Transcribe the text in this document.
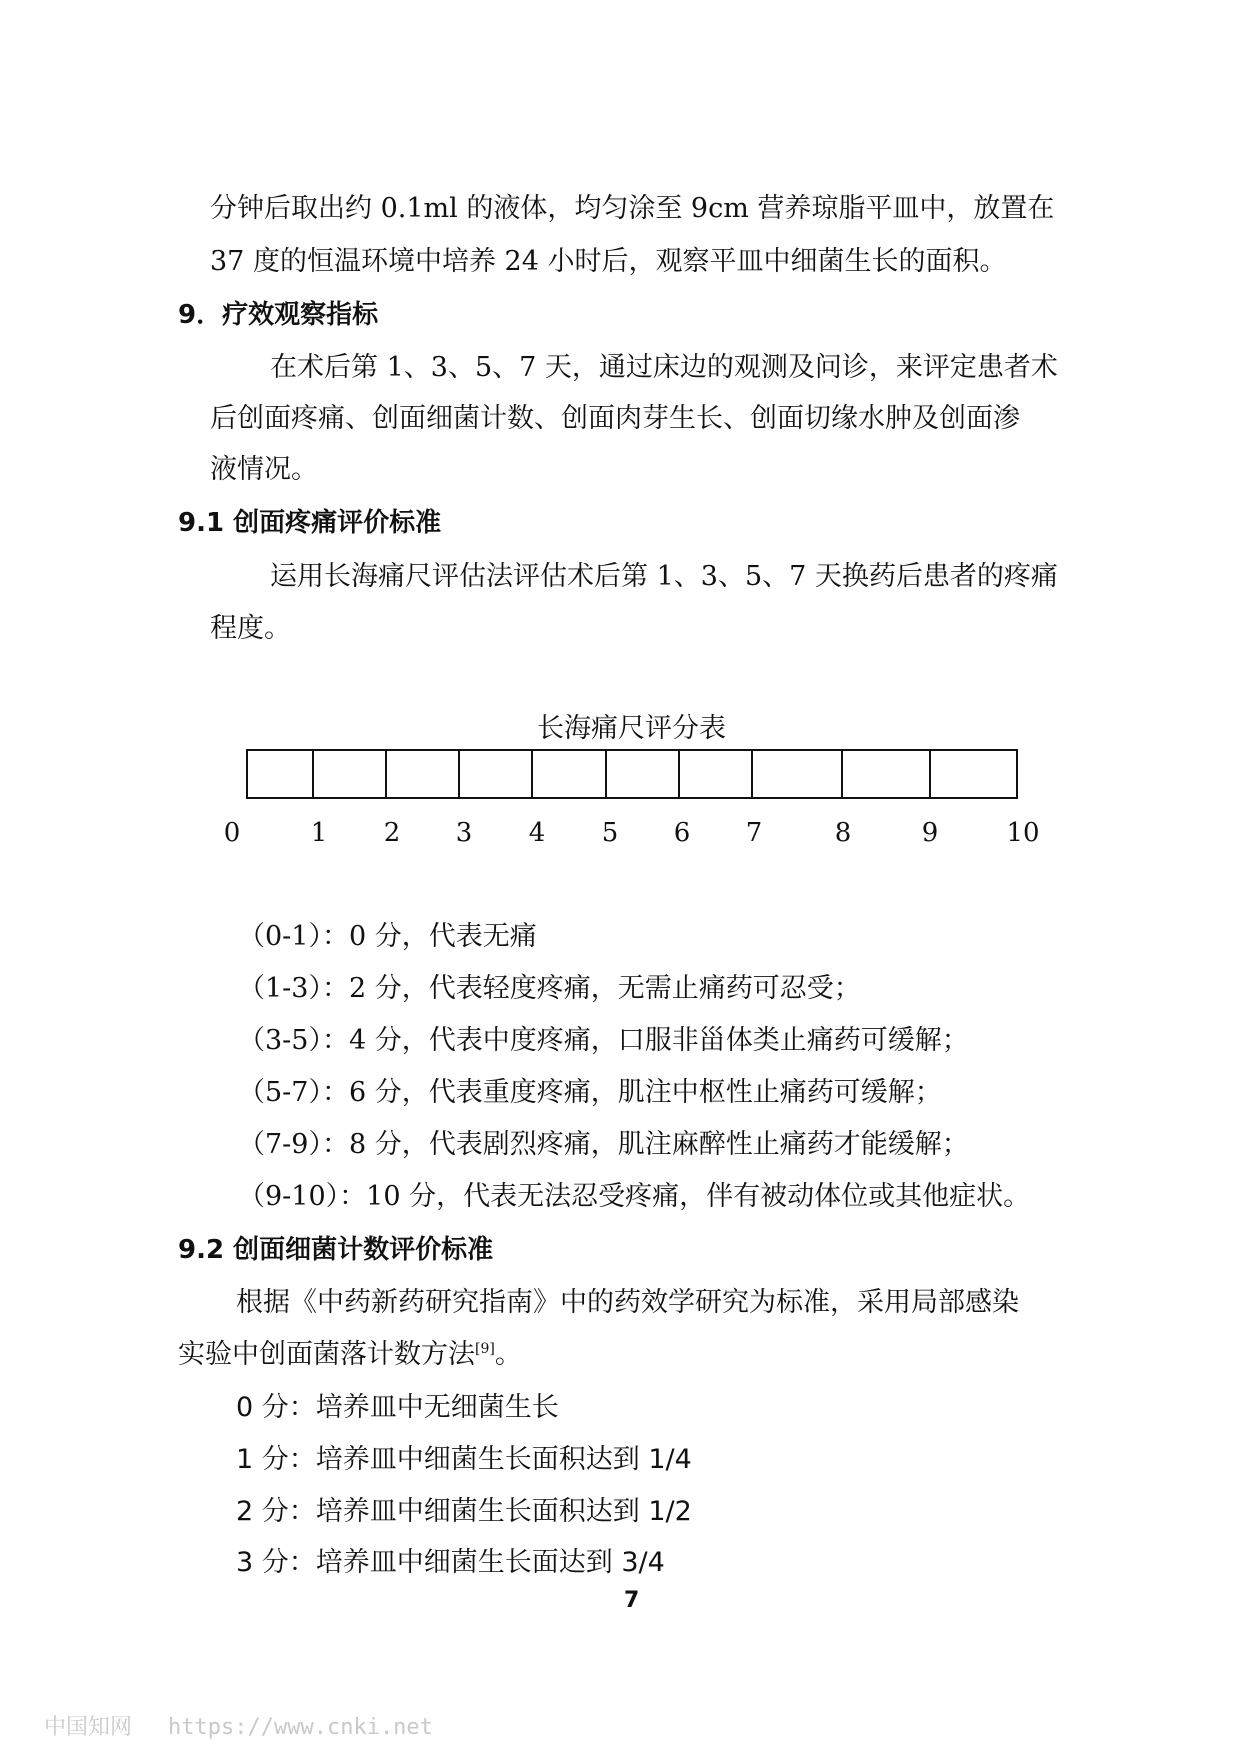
分钟后取出约 0.1ml 的液体，均匀涂至 9cm 营养琼脂平皿中，放置在
37 度的恒温环境中培养 24 小时后，观察平皿中细菌生长的面积。
9．疗效观察指标
在术后第 1、3、5、7 天，通过床边的观测及问诊，来评定患者术
后创面疼痛、创面细菌计数、创面肉芽生长、创面切缘水肿及创面渗
液情况。
9.1 创面疼痛评价标准
运用长海痛尺评估法评估术后第 1、3、5、7 天换药后患者的疼痛
程度。
长海痛尺评分表
0	1 2 3 4 5 6 7	8	9	10
（0-1）：0 分，代表无痛
（1-3）：2 分，代表轻度疼痛，无需止痛药可忍受；
（3-5）：4 分，代表中度疼痛，口服非甾体类止痛药可缓解；
（5-7）：6 分，代表重度疼痛，肌注中枢性止痛药可缓解；
（7-9）：8 分，代表剧烈疼痛，肌注麻醉性止痛药才能缓解；
（9-10）：10 分，代表无法忍受疼痛，伴有被动体位或其他症状。
9.2 创面细菌计数评价标准
根据《中药新药研究指南》中的药效学研究为标准，采用局部感染
实验中创面菌落计数方法[9]。
0 分：培养皿中无细菌生长
1 分：培养皿中细菌生长面积达到 1/4
2 分：培养皿中细菌生长面积达到 1/2
3 分：培养皿中细菌生长面达到 3/4
7
中国知网 https://www.cnki.net
